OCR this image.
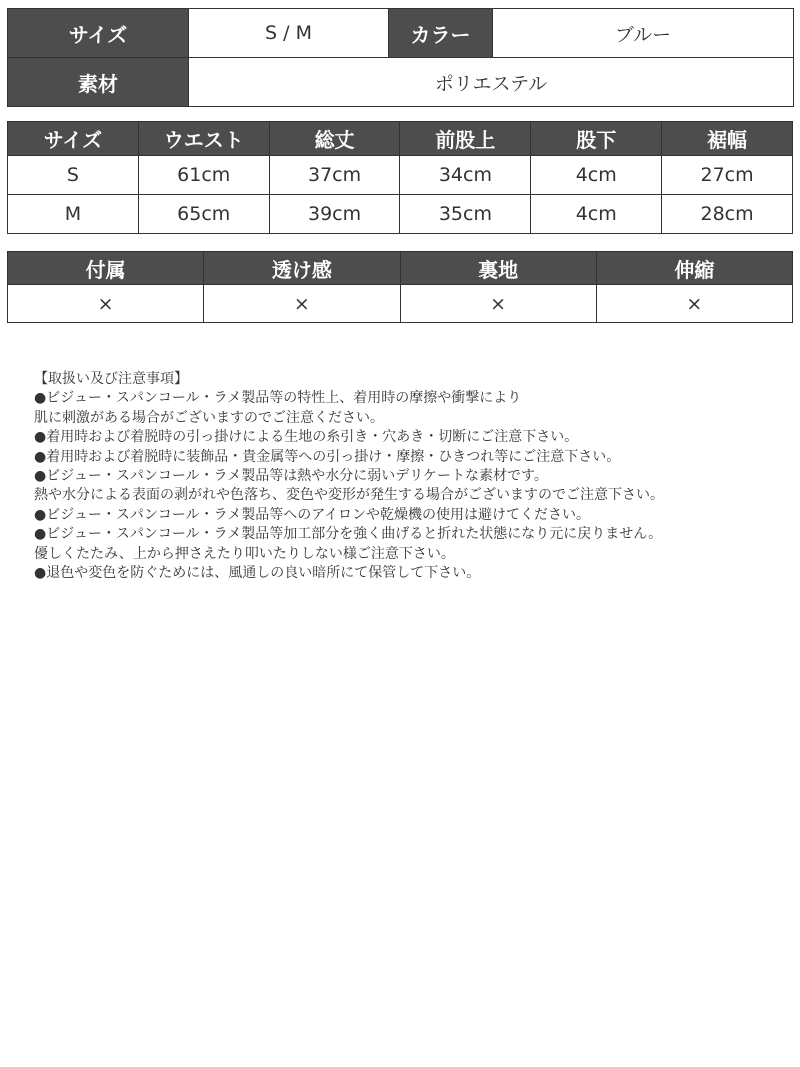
サイズ	S / M	カラー	ブルー
素材	ポリエステル		
サイズ	ウエスト	総丈	前股上	股下	裾幅
S	61cm	37cm	34cm	4cm	27cm
M	65cm	39cm	35cm	4cm	28cm
付属	透け感	裏地	伸縮
×	×	×	×
【取扱い及び注意事項】
●ビジュー・スパンコール・ラメ製品等の特性上、着用時の摩擦や衝撃により
肌に刺激がある場合がございますのでご注意ください。
●着用時および着脱時の引っ掛けによる生地の糸引き・穴あき・切断にご注意下さい。
●着用時および着脱時に装飾品・貴金属等への引っ掛け・摩擦・ひきつれ等にご注意下さい。
●ビジュー・スパンコール・ラメ製品等は熱や水分に弱いデリケートな素材です。
熱や水分による表面の剥がれや色落ち、変色や変形が発生する場合がございますのでご注意下さい。
●ビジュー・スパンコール・ラメ製品等へのアイロンや乾燥機の使用は避けてください。
●ビジュー・スパンコール・ラメ製品等加工部分を強く曲げると折れた状態になり元に戻りません。
優しくたたみ、上から押さえたり叩いたりしない様ご注意下さい。
●退色や変色を防ぐためには、風通しの良い暗所にて保管して下さい。
